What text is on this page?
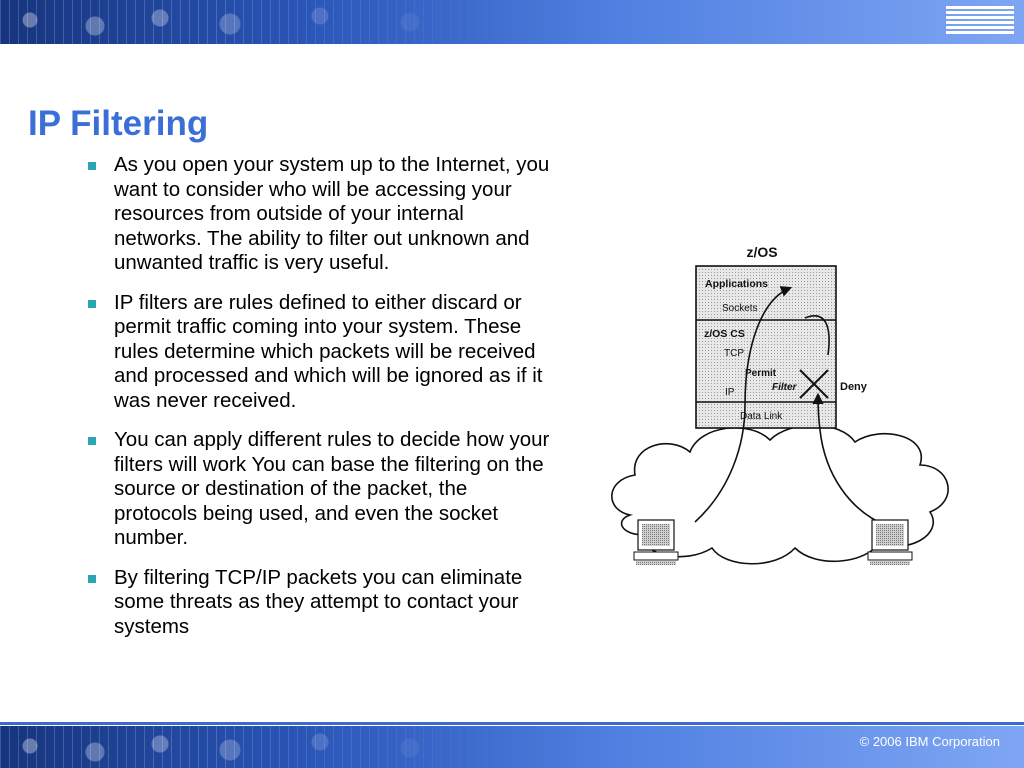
IP Filtering
As you open your system up to the Internet, you want to consider who will be accessing your resources from outside of your internal networks. The ability to filter out unknown and unwanted traffic is very useful.
IP filters are rules defined to either discard or permit traffic coming into your system. These rules determine which packets will be received and processed and which will be ignored as if it was never received.
You can apply different rules to decide how your filters will work You can base the filtering on the source or destination of the packet, the protocols being used, and even the socket number.
By filtering TCP/IP packets you can eliminate some threats as they attempt to contact your systems
z/OS
Applications
Sockets
z/OS CS
TCP
Permit
IP	Filter
Data Link
Deny
© 2006 IBM Corporation
